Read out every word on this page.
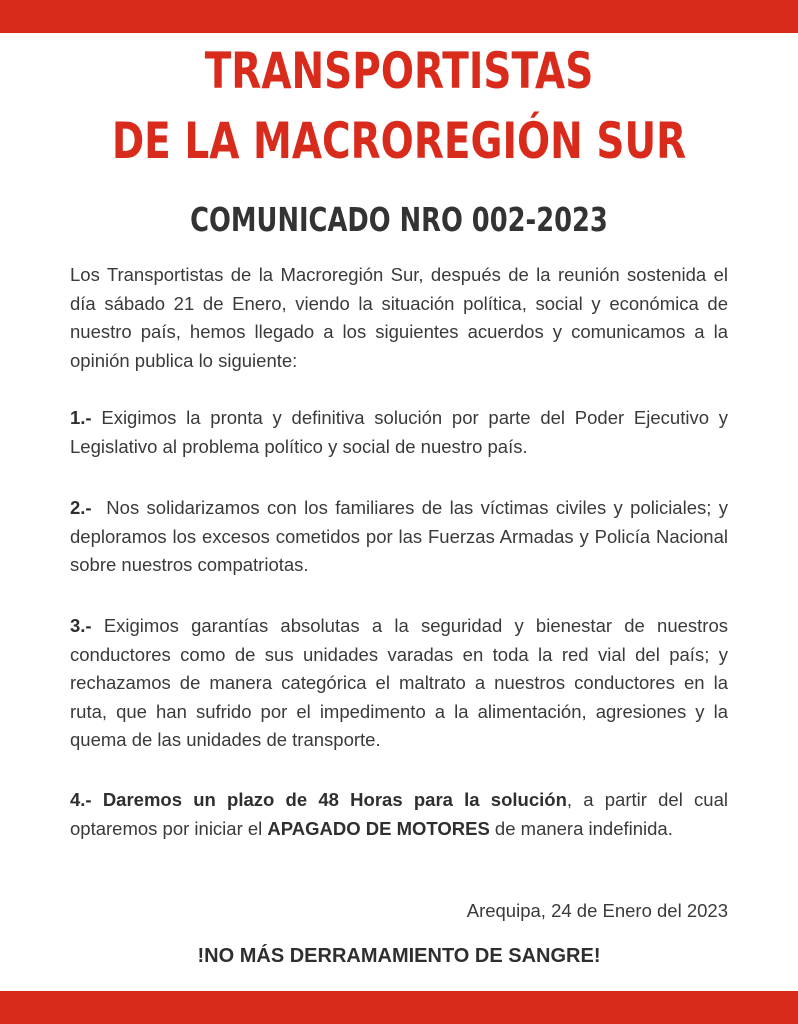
TRANSPORTISTAS
DE LA MACROREGIÓN SUR
COMUNICADO NRO 002-2023
Los Transportistas de la Macroregión Sur, después de la reunión sostenida el día sábado 21 de Enero, viendo la situación política, social y económica de nuestro país, hemos llegado a los siguientes acuerdos y comunicamos a la opinión publica lo siguiente:
1.- Exigimos la pronta y definitiva solución por parte del Poder Ejecutivo y Legislativo al problema político y social de nuestro país.
2.-  Nos solidarizamos con los familiares de las víctimas civiles y policiales; y deploramos los excesos cometidos por las Fuerzas Armadas y Policía Nacional sobre nuestros compatriotas.
3.- Exigimos garantías absolutas a la seguridad y bienestar de nuestros conductores como de sus unidades varadas en toda la red vial del país; y rechazamos de manera categórica el maltrato a nuestros conductores en la ruta, que han sufrido por el impedimento a la alimentación, agresiones y la quema de las unidades de transporte.
4.- Daremos un plazo de 48 Horas para la solución, a partir del cual optaremos por iniciar el APAGADO DE MOTORES de manera indefinida.
Arequipa, 24 de Enero del 2023
!NO MÁS DERRAMAMIENTO DE SANGRE!
